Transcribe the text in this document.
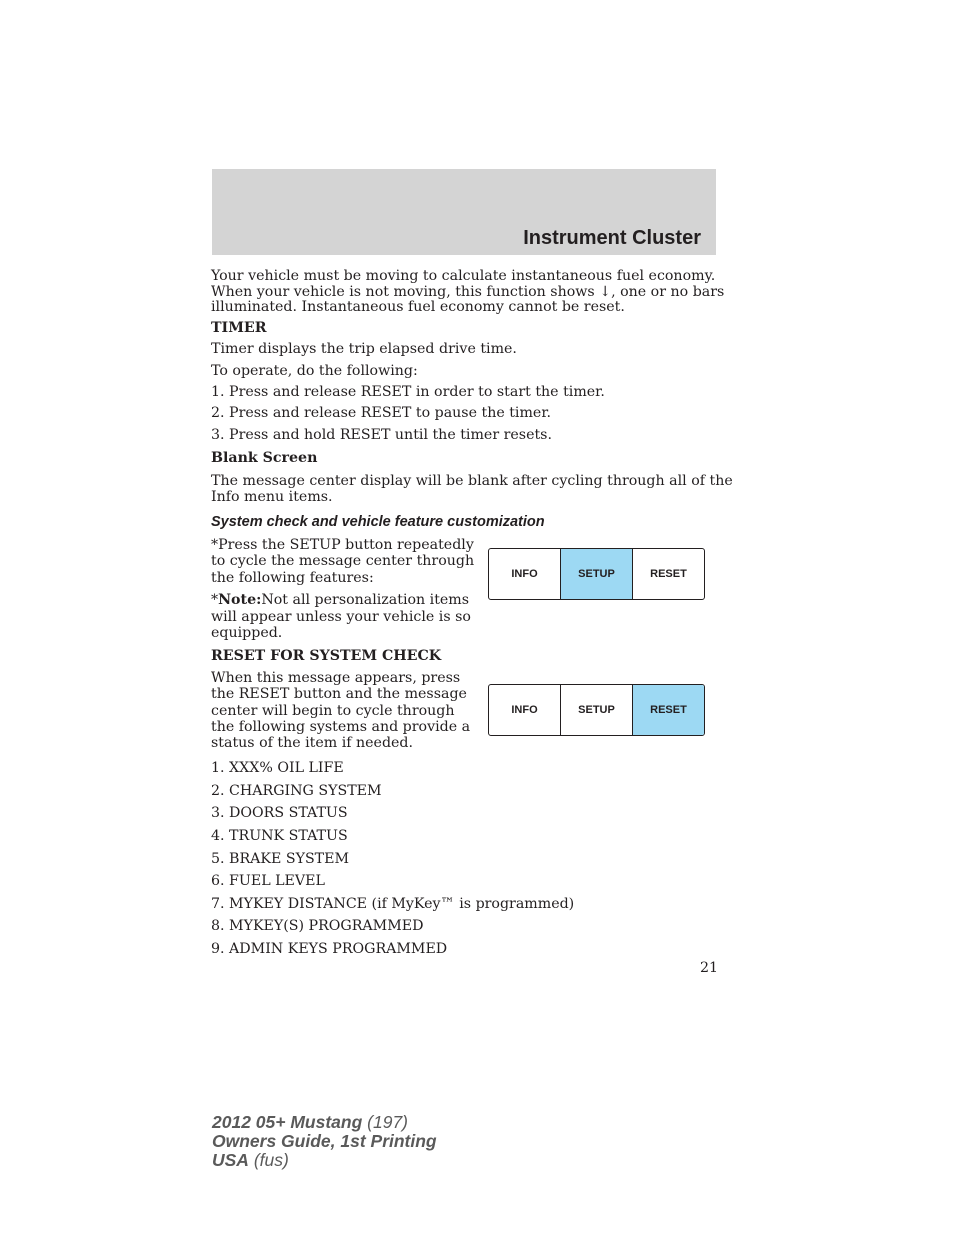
Instrument Cluster

Your vehicle must be moving to calculate instantaneous fuel economy.

When your vehicle is not moving, this function shows ↓, one or no bars

illuminated. Instantaneous fuel economy cannot be reset.

TIMER

Timer displays the trip elapsed drive time.

To operate, do the following:

1. Press and release RESET in order to start the timer.

2. Press and release RESET to pause the timer.

3. Press and hold RESET until the timer resets.

Blank Screen

The message center display will be blank after cycling through all of the

Info menu items.

System check and vehicle feature customization

*Press the SETUP button repeatedly

to cycle the message center through

the following features:

*Note:Not all personalization items

will appear unless your vehicle is so

equipped.

INFO	SETUP	RESET

RESET FOR SYSTEM CHECK

When this message appears, press

the RESET button and the message

center will begin to cycle through

the following systems and provide a

status of the item if needed.

INFO	SETUP	RESET

1. XXX% OIL LIFE

2. CHARGING SYSTEM

3. DOORS STATUS

4. TRUNK STATUS

5. BRAKE SYSTEM

6. FUEL LEVEL

7. MYKEY DISTANCE (if MyKey™ is programmed)

8. MYKEY(S) PROGRAMMED

9. ADMIN KEYS PROGRAMMED

21
2012 05+ Mustang (197)
Owners Guide, 1st Printing
USA (fus)
